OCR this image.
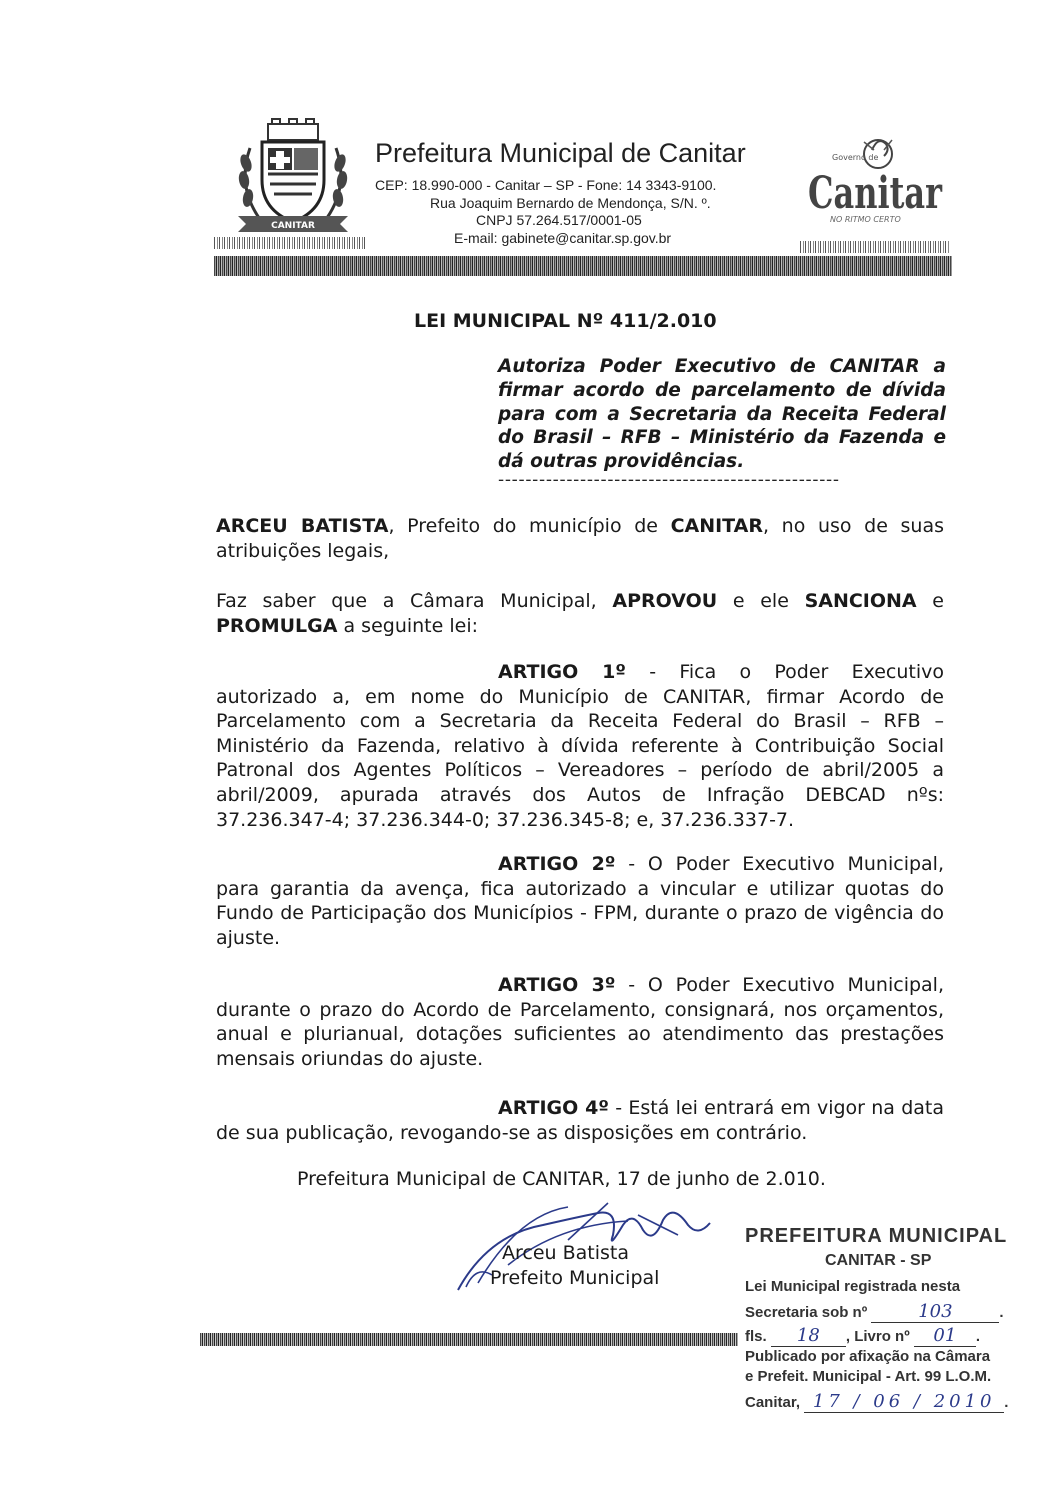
CANITAR
Prefeitura Municipal de Canitar
CEP: 18.990-000 - Canitar – SP - Fone: 14 3343-9100.
Rua Joaquim Bernardo de Mendonça, S/N. º.
CNPJ 57.264.517/0001-05
E-mail: gabinete@canitar.sp.gov.br
Governo de
Canitar
NO RITMO CERTO
LEI MUNICIPAL Nº 411/2.010
Autoriza Poder Executivo de CANITAR a firmar acordo de parcelamento de dívida para com a Secretaria da Receita Federal do Brasil – RFB – Ministério da Fazenda e dá outras providências.
--------------------------------------------------
ARCEU BATISTA, Prefeito do município de CANITAR, no uso de suas atribuições legais,
Faz saber que a Câmara Municipal, APROVOU e ele SANCIONA e PROMULGA a seguinte lei:
ARTIGO 1º - Fica o Poder Executivo autorizado a, em nome do Município de CANITAR, firmar Acordo de Parcelamento com a Secretaria da Receita Federal do Brasil – RFB – Ministério da Fazenda, relativo à dívida referente à Contribuição Social Patronal dos Agentes Políticos – Vereadores – período de abril/2005 a abril/2009, apurada através dos Autos de Infração DEBCAD nºs: 37.236.347-4; 37.236.344-0; 37.236.345-8; e, 37.236.337-7.
ARTIGO 2º - O Poder Executivo Municipal, para garantia da avença, fica autorizado a vincular e utilizar quotas do Fundo de Participação dos Municípios - FPM, durante o prazo de vigência do ajuste.
ARTIGO 3º - O Poder Executivo Municipal, durante o prazo do Acordo de Parcelamento, consignará, nos orçamentos, anual e plurianual, dotações suficientes ao atendimento das prestações mensais oriundas do ajuste.
ARTIGO 4º - Está lei entrará em vigor na data de sua publicação, revogando-se as disposições em contrário.
Prefeitura Municipal de CANITAR, 17 de junho de 2.010.
Arceu Batista
Prefeito Municipal
PREFEITURA MUNICIPAL
CANITAR - SP
Lei Municipal registrada nesta
Secretaria sob nº	103	.
fls. 18 , Livro nº 01 .
Publicado por afixação na Câmara
e Prefeit. Municipal - Art. 99 L.O.M.
Canitar, 17 / 06 / 2010 .
